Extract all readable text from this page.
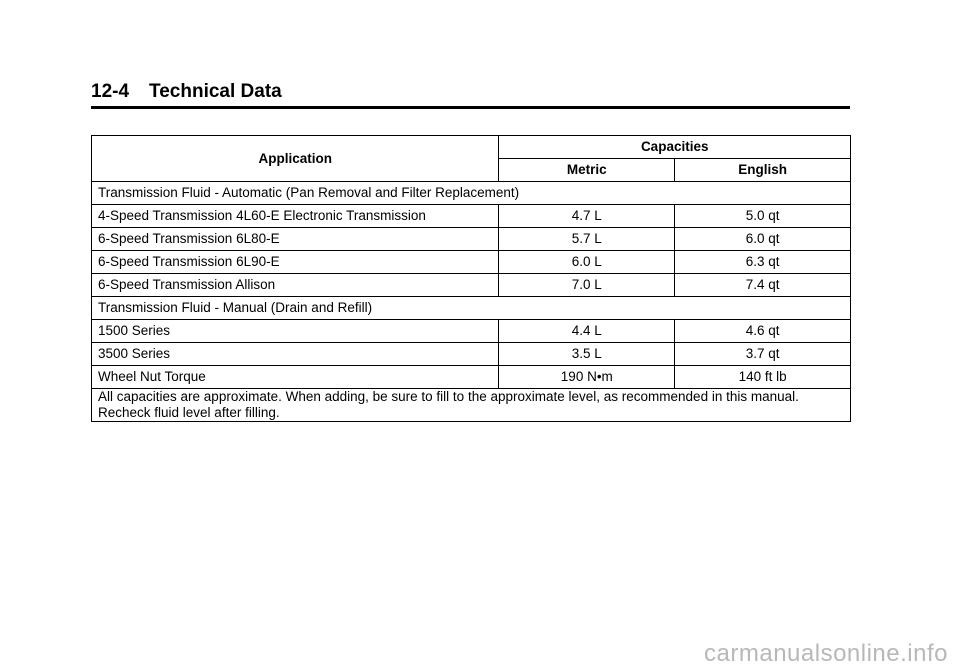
12-4 Technical Data
Application	Capacities	
	Metric	English
Transmission Fluid - Automatic (Pan Removal and Filter Replacement)		
4-Speed Transmission 4L60-E Electronic Transmission	4.7 L	5.0 qt
6-Speed Transmission 6L80-E	5.7 L	6.0 qt
6-Speed Transmission 6L90-E	6.0 L	6.3 qt
6-Speed Transmission Allison	7.0 L	7.4 qt
Transmission Fluid - Manual (Drain and Refill)		
1500 Series	4.4 L	4.6 qt
3500 Series	3.5 L	3.7 qt
Wheel Nut Torque	190 N•m	140 ft lb
All capacities are approximate. When adding, be sure to fill to the approximate level, as recommended in this manual. Recheck fluid level after filling.		
carmanualsonline.info
